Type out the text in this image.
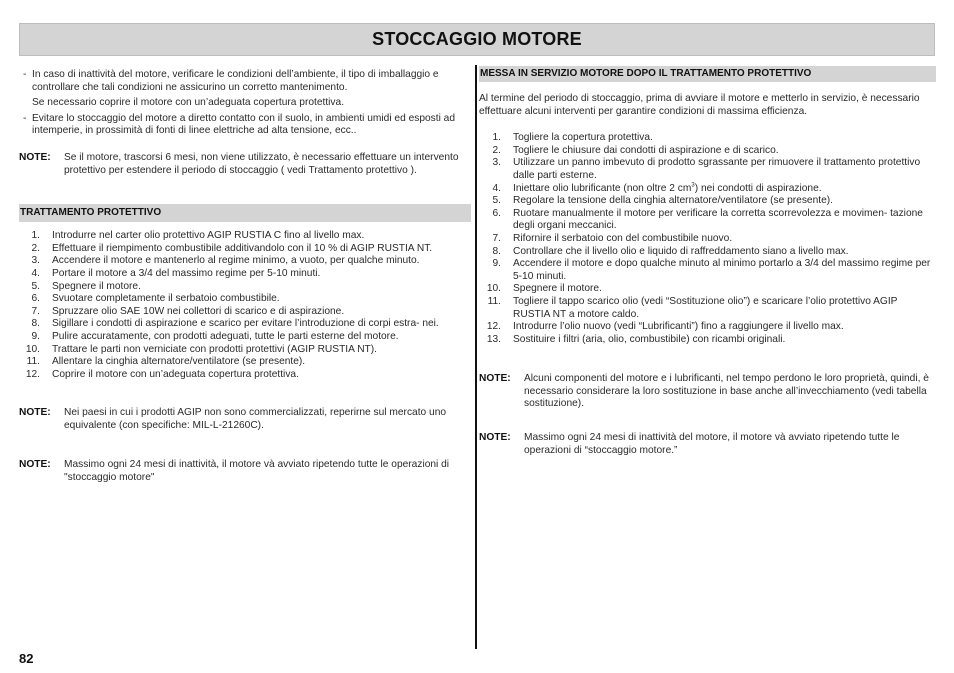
STOCCAGGIO MOTORE
- In caso di inattività del motore, verificare le condizioni dell’ambiente, il tipo di imballaggio e controllare che tali condizioni ne assicurino un corretto mantenimento.
Se necessario coprire il motore con un’adeguata copertura protettiva.
- Evitare lo stoccaggio del motore a diretto contatto con il suolo, in ambienti umidi ed esposti ad intemperie, in prossimità di fonti di linee elettriche ad alta tensione, ecc..
NOTE:	Se il motore, trascorsi 6 mesi, non viene utilizzato, è necessario effettuare un intervento protettivo per estendere il periodo di stoccaggio ( vedi Trattamento protettivo ).
TRATTAMENTO PROTETTIVO
1. Introdurre nel carter olio protettivo AGIP RUSTIA C fino al livello max.
2. Effettuare il riempimento combustibile additivandolo con il 10 % di AGIP RUSTIA NT.
3. Accendere il motore e mantenerlo al regime minimo, a vuoto, per qualche minuto.
4. Portare il motore a 3/4 del massimo regime per 5-10 minuti.
5. Spegnere il motore.
6. Svuotare completamente il serbatoio combustibile.
7. Spruzzare olio SAE 10W nei collettori di scarico e di aspirazione.
8. Sigillare i condotti di aspirazione e scarico per evitare l’introduzione di corpi estra- nei.
9. Pulire accuratamente, con prodotti adeguati, tutte le parti esterne del motore.
10. Trattare le parti non verniciate con prodotti protettivi (AGIP RUSTIA NT).
11. Allentare la cinghia alternatore/ventilatore (se presente).
12. Coprire il motore con un’adeguata copertura protettiva.
NOTE:	Nei paesi in cui i prodotti AGIP non sono commercializzati, reperirne sul mercato uno equivalente (con specifiche: MIL-L-21260C).
NOTE:	Massimo ogni 24 mesi di inattività, il motore và avviato ripetendo tutte le operazioni di "stoccaggio motore"
MESSA IN SERVIZIO MOTORE DOPO IL TRATTAMENTO PROTETTIVO
Al termine del periodo di stoccaggio, prima di avviare il motore e metterlo in servizio, è necessario effettuare alcuni interventi per garantire condizioni di massima efficienza.
1. Togliere la copertura protettiva.
2. Togliere le chiusure dai condotti di aspirazione e di scarico.
3. Utilizzare un panno imbevuto di prodotto sgrassante per rimuovere il trattamento protettivo dalle parti esterne.
4. Iniettare olio lubrificante (non oltre 2 $cm^3$) nei condotti di aspirazione.
5. Regolare la tensione della cinghia alternatore/ventilatore (se presente).
6. Ruotare manualmente il motore per verificare la corretta scorrevolezza e movimen- tazione degli organi meccanici.
7. Rifornire il serbatoio con del combustibile nuovo.
8. Controllare che il livello olio e liquido di raffreddamento siano a livello max.
9. Accendere il motore e dopo qualche minuto al minimo portarlo a 3/4 del massimo regime per 5-10 minuti.
10. Spegnere il motore.
11. Togliere il tappo scarico olio (vedi “Sostituzione olio”) e scaricare l’olio protettivo AGIP RUSTIA NT a motore caldo.
12. Introdurre l’olio nuovo (vedi “Lubrificanti”) fino a raggiungere il livello max.
13. Sostituire i filtri (aria, olio, combustibile) con ricambi originali.
NOTE:	Alcuni componenti del motore e i lubrificanti, nel tempo perdono le loro proprietà, quindi, è necessario considerare la loro sostituzione in base anche all’invecchiamento (vedi tabella sostituzione).
NOTE:	Massimo ogni 24 mesi di inattività del motore, il motore và avviato ripetendo tutte le operazioni di “stoccaggio motore.”
82
